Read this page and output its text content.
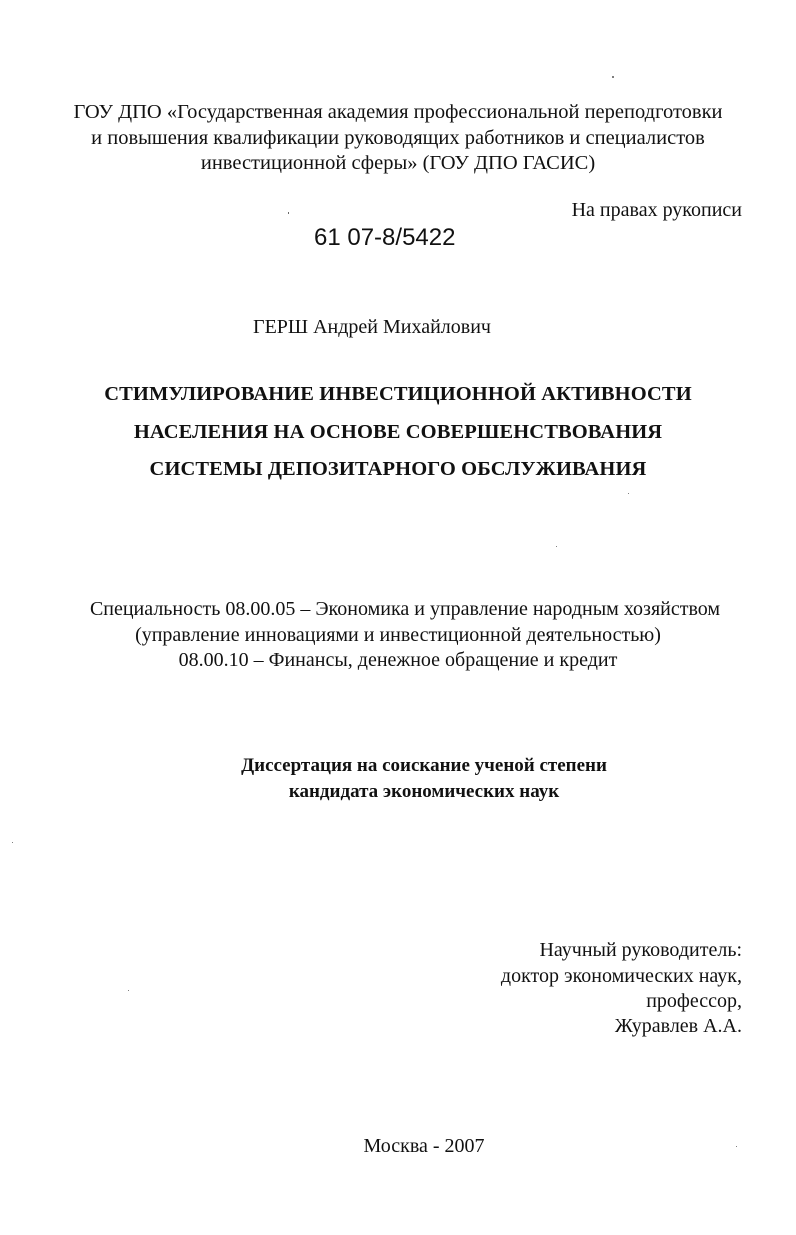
ГОУ ДПО «Государственная академия профессиональной переподготовки
и повышения квалификации руководящих работников и специалистов
инвестиционной сферы» (ГОУ ДПО ГАСИС)
На правах рукописи
61 07-8/5422
ГЕРШ Андрей Михайлович
СТИМУЛИРОВАНИЕ ИНВЕСТИЦИОННОЙ АКТИВНОСТИ
НАСЕЛЕНИЯ НА ОСНОВЕ СОВЕРШЕНСТВОВАНИЯ
СИСТЕМЫ ДЕПОЗИТАРНОГО ОБСЛУЖИВАНИЯ
Специальность 08.00.05 – Экономика и управление народным хозяйством
(управление инновациями и инвестиционной деятельностью)
08.00.10 – Финансы, денежное обращение и кредит
Диссертация на соискание ученой степени
кандидата экономических наук
Научный руководитель:
доктор экономических наук,
профессор,
Журавлев А.А.
Москва - 2007
